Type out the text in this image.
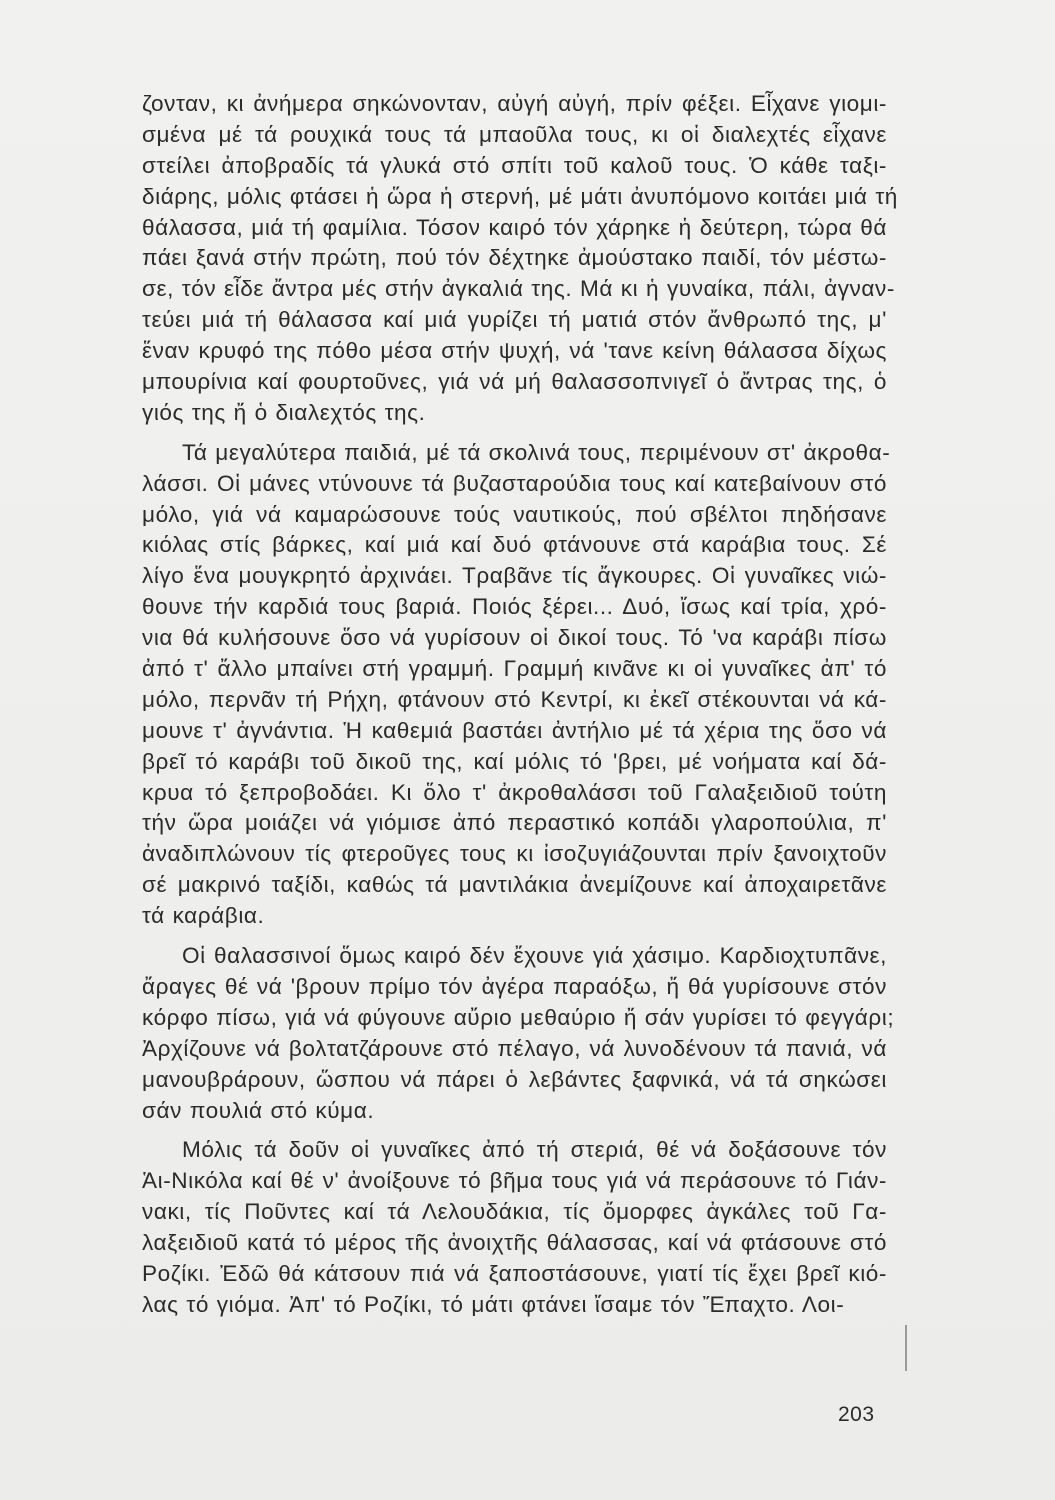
ζονταν, κι ἀνήμερα σηκώνονταν, αὐγή αὐγή, πρίν φέξει. Εἶχανε γιομι-
σμένα μέ τά ρουχικά τους τά μπαοῦλα τους, κι οἱ διαλεχτές εἶχανε
στείλει ἀποβραδίς τά γλυκά στό σπίτι τοῦ καλοῦ τους. Ὁ κάθε ταξι-
διάρης, μόλις φτάσει ἡ ὥρα ἡ στερνή, μέ μάτι ἀνυπόμονο κοιτάει μιά τή
θάλασσα, μιά τή φαμίλια. Τόσον καιρό τόν χάρηκε ἡ δεύτερη, τώρα θά
πάει ξανά στήν πρώτη, πού τόν δέχτηκε ἀμούστακο παιδί, τόν μέστω-
σε, τόν εἶδε ἄντρα μές στήν ἀγκαλιά της. Μά κι ἡ γυναίκα, πάλι, ἀγναν-
τεύει μιά τή θάλασσα καί μιά γυρίζει τή ματιά στόν ἄνθρωπό της, μ'
ἕναν κρυφό της πόθο μέσα στήν ψυχή, νά 'τανε κείνη θάλασσα δίχως
μπουρίνια καί φουρτοῦνες, γιά νά μή θαλασσοπνιγεῖ ὁ ἄντρας της, ὁ
γιός της ἤ ὁ διαλεχτός της.
Τά μεγαλύτερα παιδιά, μέ τά σκολινά τους, περιμένουν στ' ἀκροθα-
λάσσι. Οἱ μάνες ντύνουνε τά βυζασταρούδια τους καί κατεβαίνουν στό
μόλο, γιά νά καμαρώσουνε τούς ναυτικούς, πού σβέλτοι πηδήσανε
κιόλας στίς βάρκες, καί μιά καί δυό φτάνουνε στά καράβια τους. Σέ
λίγο ἕνα μουγκρητό ἀρχινάει. Τραβᾶνε τίς ἄγκουρες. Οἱ γυναῖκες νιώ-
θουνε τήν καρδιά τους βαριά. Ποιός ξέρει... Δυό, ἴσως καί τρία, χρό-
νια θά κυλήσουνε ὅσο νά γυρίσουν οἱ δικοί τους. Τό 'να καράβι πίσω
ἀπό τ' ἄλλο μπαίνει στή γραμμή. Γραμμή κινᾶνε κι οἱ γυναῖκες ἀπ' τό
μόλο, περνᾶν τή Ρήχη, φτάνουν στό Κεντρί, κι ἐκεῖ στέκουνται νά κά-
μουνε τ' ἀγνάντια. Ἡ καθεμιά βαστάει ἀντήλιο μέ τά χέρια της ὅσο νά
βρεῖ τό καράβι τοῦ δικοῦ της, καί μόλις τό 'βρει, μέ νοήματα καί δά-
κρυα τό ξεπροβοδάει. Κι ὅλο τ' ἀκροθαλάσσι τοῦ Γαλαξειδιοῦ τούτη
τήν ὥρα μοιάζει νά γιόμισε ἀπό περαστικό κοπάδι γλαροπούλια, π'
ἀναδιπλώνουν τίς φτεροῦγες τους κι ἰσοζυγιάζουνται πρίν ξανοιχτοῦν
σέ μακρινό ταξίδι, καθώς τά μαντιλάκια ἀνεμίζουνε καί ἀποχαιρετᾶνε
τά καράβια.
Οἱ θαλασσινοί ὅμως καιρό δέν ἔχουνε γιά χάσιμο. Καρδιοχτυπᾶνε,
ἄραγες θέ νά 'βρουν πρίμο τόν ἀγέρα παραόξω, ἤ θά γυρίσουνε στόν
κόρφο πίσω, γιά νά φύγουνε αὔριο μεθαύριο ἤ σάν γυρίσει τό φεγγάρι;
Ἀρχίζουνε νά βολτατζάρουνε στό πέλαγο, νά λυνοδένουν τά πανιά, νά
μανουβράρουν, ὥσπου νά πάρει ὁ λεβάντες ξαφνικά, νά τά σηκώσει
σάν πουλιά στό κύμα.
Μόλις τά δοῦν οἱ γυναῖκες ἀπό τή στεριά, θέ νά δοξάσουνε τόν
Ἁι-Νικόλα καί θέ ν' ἀνοίξουνε τό βῆμα τους γιά νά περάσουνε τό Γιάν-
νακι, τίς Ποῦντες καί τά Λελουδάκια, τίς ὄμορφες ἀγκάλες τοῦ Γα-
λαξειδιοῦ κατά τό μέρος τῆς ἀνοιχτῆς θάλασσας, καί νά φτάσουνε στό
Ροζίκι. Ἐδῶ θά κάτσουν πιά νά ξαποστάσουνε, γιατί τίς ἔχει βρεῖ κιό-
λας τό γιόμα. Ἀπ' τό Ροζίκι, τό μάτι φτάνει ἴσαμε τόν Ἔπαχτο. Λοι-
203
